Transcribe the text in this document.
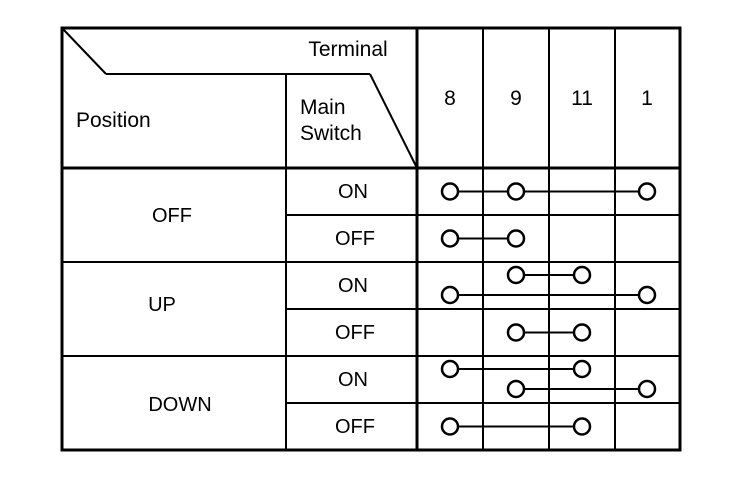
Terminal
Position
Main
Switch
8	9 11 1
OFF
UP
DOWN
ON
OFF
ON
OFF
ON
OFF
